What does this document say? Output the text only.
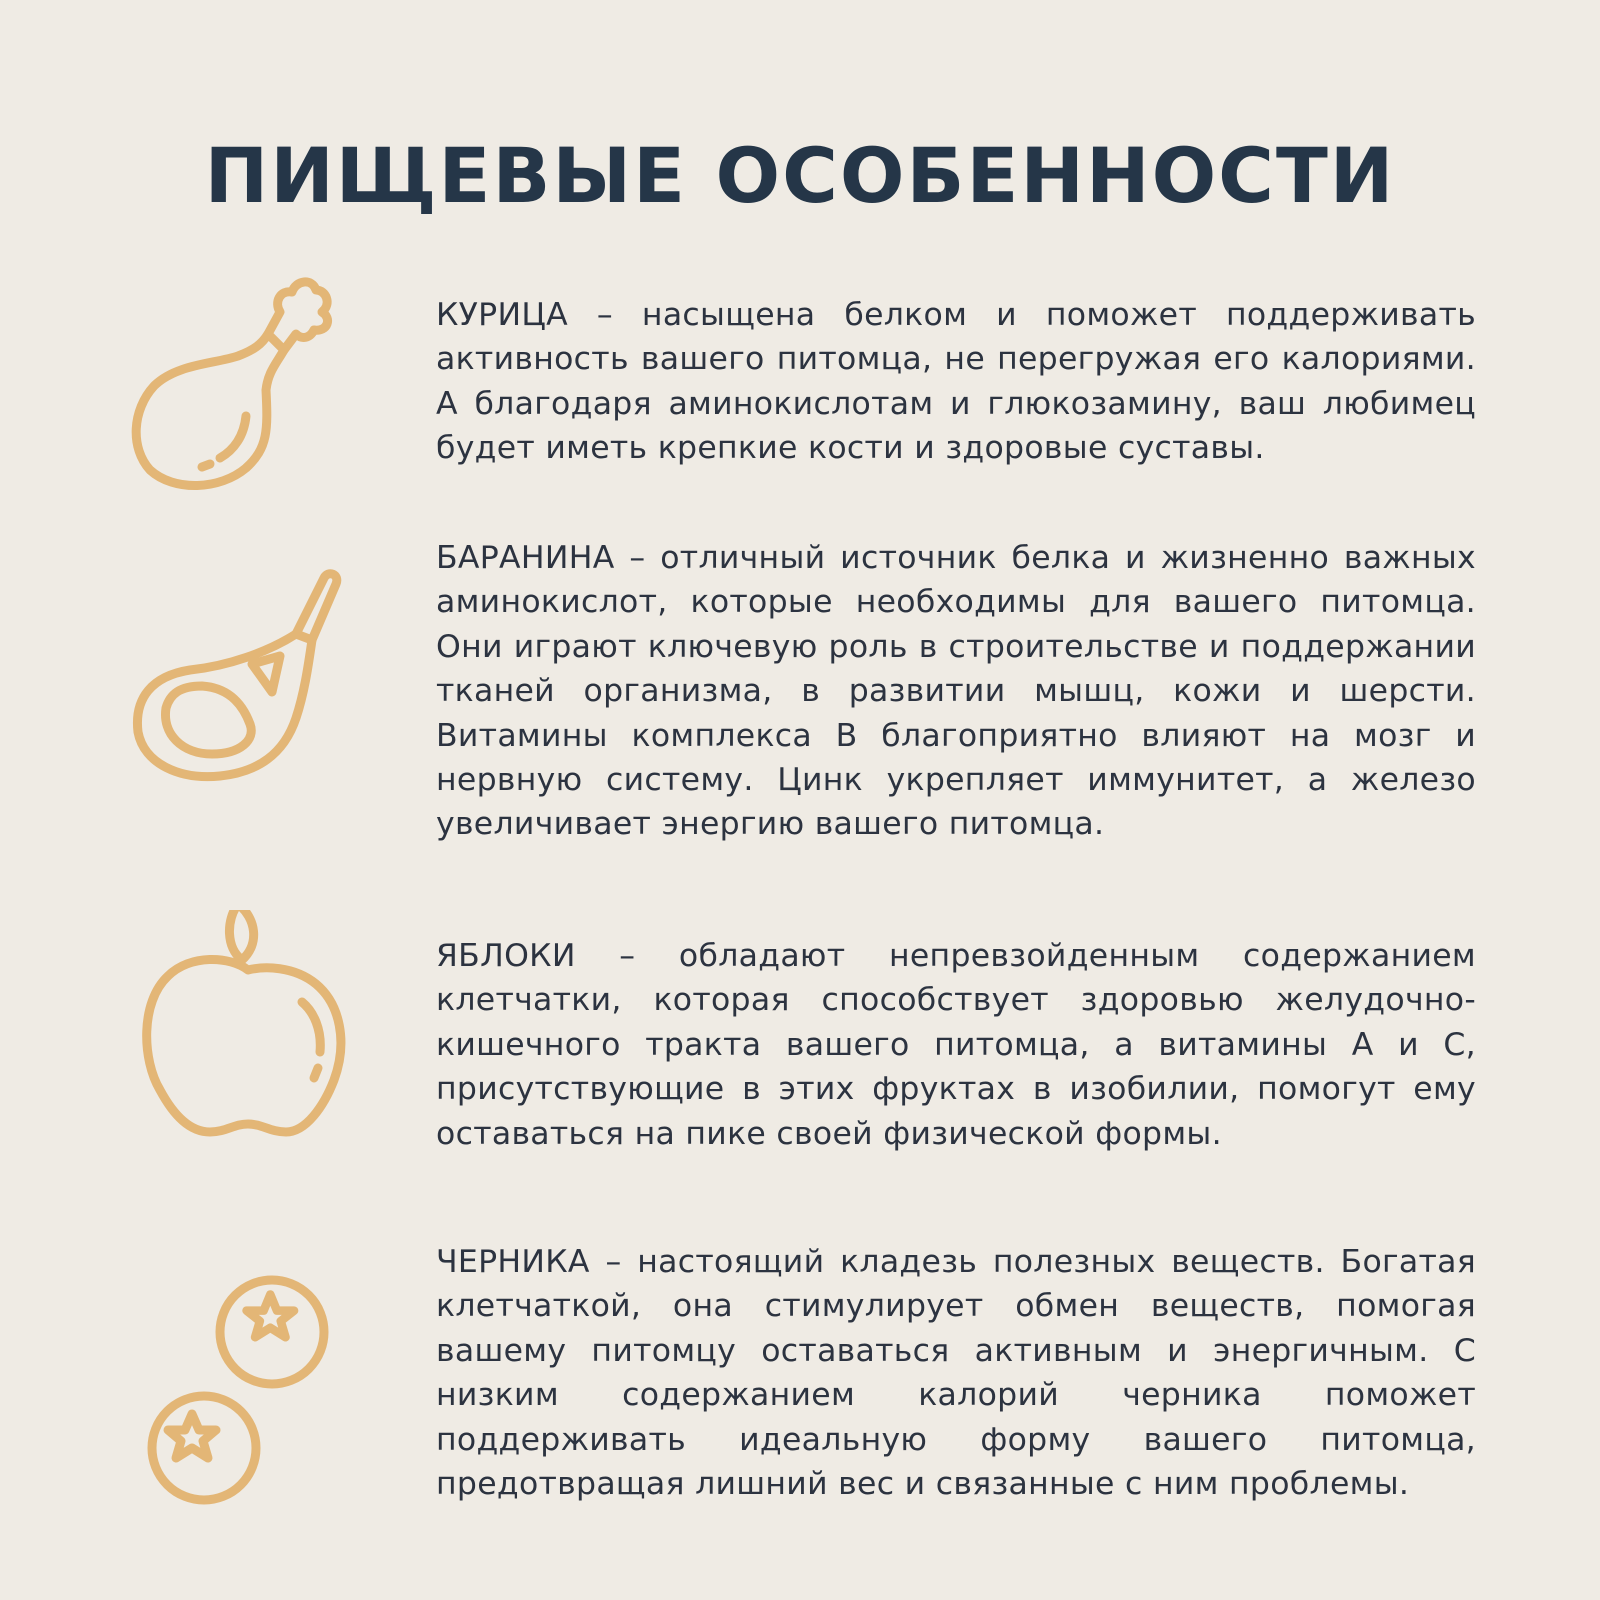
ПИЩЕВЫЕ ОСОБЕННОСТИ

КУРИЦА – насыщена белком и поможет поддерживать активность вашего питомца, не перегружая его калориями. А благодаря аминокислотам и глюкозамину, ваш любимец будет иметь крепкие кости и здоровые суставы.

БАРАНИНА – отличный источник белка и жизненно важных аминокислот, которые необходимы для вашего питомца. Они играют ключевую роль в строительстве и поддержании тканей организма, в развитии мышц, кожи и шерсти. Витамины комплекса B благоприятно влияют на мозг и нервную систему. Цинк укрепляет иммунитет, а железо увеличивает энергию вашего питомца.

ЯБЛОКИ – обладают непревзойденным содержанием клетчатки, которая способствует здоровью желудочно-кишечного тракта вашего питомца, а витамины А и С, присутствующие в этих фруктах в изобилии, помогут ему оставаться на пике своей физической формы.

ЧЕРНИКА – настоящий кладезь полезных веществ. Богатая клетчаткой, она стимулирует обмен веществ, помогая вашему питомцу оставаться активным и энергичным. С низким содержанием калорий черника поможет поддерживать идеальную форму вашего питомца, предотвращая лишний вес и связанные с ним проблемы.
